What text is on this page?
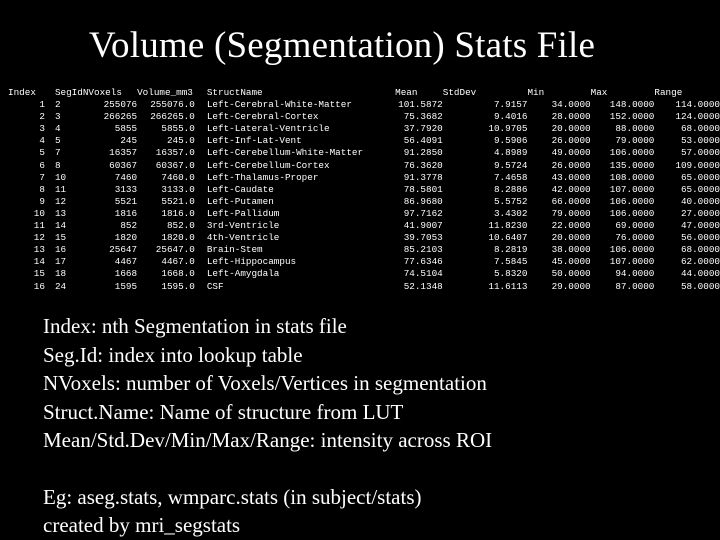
Volume (Segmentation) Stats File
Index	SegId	NVoxels	Volume_mm3	StructName	Mean	StdDev	Min	Max	Range
1	2	255076	255076.0	Left-Cerebral-White-Matter	101.5872	7.9157	34.0000	148.0000	114.0000
2	3	266265	266265.0	Left-Cerebral-Cortex	75.3682	9.4016	28.0000	152.0000	124.0000
3	4	5855	5855.0	Left-Lateral-Ventricle	37.7920	10.9705	20.0000	88.0000	68.0000
4	5	245	245.0	Left-Inf-Lat-Vent	56.4091	9.5906	26.0000	79.0000	53.0000
5	7	16357	16357.0	Left-Cerebellum-White-Matter	91.2850	4.8989	49.0000	106.0000	57.0000
6	8	60367	60367.0	Left-Cerebellum-Cortex	76.3620	9.5724	26.0000	135.0000	109.0000
7	10	7460	7460.0	Left-Thalamus-Proper	91.3778	7.4658	43.0000	108.0000	65.0000
8	11	3133	3133.0	Left-Caudate	78.5801	8.2886	42.0000	107.0000	65.0000
9	12	5521	5521.0	Left-Putamen	86.9680	5.5752	66.0000	106.0000	40.0000
10	13	1816	1816.0	Left-Pallidum	97.7162	3.4302	79.0000	106.0000	27.0000
11	14	852	852.0	3rd-Ventricle	41.9007	11.8230	22.0000	69.0000	47.0000
12	15	1820	1820.0	4th-Ventricle	39.7053	10.6407	20.0000	76.0000	56.0000
13	16	25647	25647.0	Brain-Stem	85.2103	8.2819	38.0000	106.0000	68.0000
14	17	4467	4467.0	Left-Hippocampus	77.6346	7.5845	45.0000	107.0000	62.0000
15	18	1668	1668.0	Left-Amygdala	74.5104	5.8320	50.0000	94.0000	44.0000
16	24	1595	1595.0	CSF	52.1348	11.6113	29.0000	87.0000	58.0000
Index: nth Segmentation in stats file
Seg.Id: index into lookup table
NVoxels: number of Voxels/Vertices in segmentation
Struct.Name: Name of structure from LUT
Mean/Std.Dev/Min/Max/Range: intensity across ROI
Eg: aseg.stats, wmparc.stats (in subject/stats)
created by mri_segstats
